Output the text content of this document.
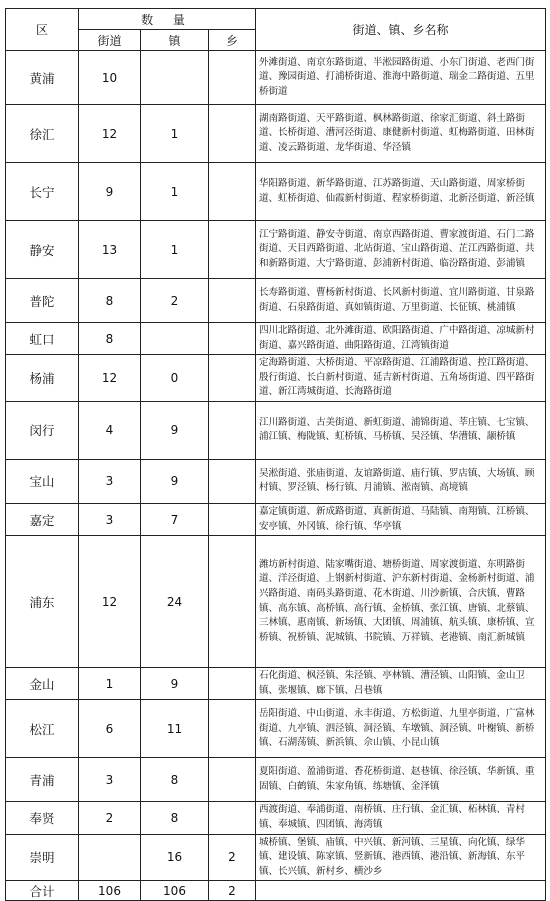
区	数 量			街道、镇、乡名称
	街道	镇	乡	
黄浦	10			外滩街道、南京东路街道、半淞园路街道、小东门街道、老西门街道、豫园街道、打浦桥街道、淮海中路街道、瑞金二路街道、五里桥街道
徐汇	12	1		湖南路街道、天平路街道、枫林路街道、徐家汇街道、斜土路街道、长桥街道、漕河泾街道、康健新村街道、虹梅路街道、田林街道、凌云路街道、龙华街道、华泾镇
长宁	9	1		华阳路街道、新华路街道、江苏路街道、天山路街道、周家桥街道、虹桥街道、仙霞新村街道、程家桥街道、北新泾街道、新泾镇
静安	13	1		江宁路街道、静安寺街道、南京西路街道、曹家渡街道、石门二路街道、天目西路街道、北站街道、宝山路街道、芷江西路街道、共和新路街道、大宁路街道、彭浦新村街道、临汾路街道、彭浦镇
普陀	8	2		长寿路街道、曹杨新村街道、长风新村街道、宜川路街道、甘泉路街道、石泉路街道、真如镇街道、万里街道、长征镇、桃浦镇
虹口	8			四川北路街道、北外滩街道、欧阳路街道、广中路街道、凉城新村街道、嘉兴路街道、曲阳路街道、江湾镇街道
杨浦	12	0		定海路街道、大桥街道、平凉路街道、江浦路街道、控江路街道、殷行街道、长白新村街道、延吉新村街道、五角场街道、四平路街道、新江湾城街道、长海路街道
闵行	4	9		江川路街道、古美街道、新虹街道、浦锦街道、莘庄镇、七宝镇、浦江镇、梅陇镇、虹桥镇、马桥镇、吴泾镇、华漕镇、颛桥镇
宝山	3	9		吴淞街道、张庙街道、友谊路街道、庙行镇、罗店镇、大场镇、顾村镇、罗泾镇、杨行镇、月浦镇、淞南镇、高境镇
嘉定	3	7		嘉定镇街道、新成路街道、真新街道、马陆镇、南翔镇、江桥镇、安亭镇、外冈镇、徐行镇、华亭镇
浦东	12	24		潍坊新村街道、陆家嘴街道、塘桥街道、周家渡街道、东明路街道、洋泾街道、上钢新村街道、沪东新村街道、金杨新村街道、浦兴路街道、南码头路街道、花木街道、川沙新镇、合庆镇、曹路镇、高东镇、高桥镇、高行镇、金桥镇、张江镇、唐镇、北蔡镇、三林镇、惠南镇、新场镇、大团镇、周浦镇、航头镇、康桥镇、宣桥镇、祝桥镇、泥城镇、书院镇、万祥镇、老港镇、南汇新城镇
金山	1	9		石化街道、枫泾镇、朱泾镇、亭林镇、漕泾镇、山阳镇、金山卫镇、张堰镇、廊下镇、吕巷镇
松江	6	11		岳阳街道、中山街道、永丰街道、方松街道、九里亭街道、广富林街道、九亭镇、泗泾镇、洞泾镇、车墩镇、洞泾镇、叶榭镇、新桥镇、石湖荡镇、新浜镇、佘山镇、小昆山镇
青浦	3	8		夏阳街道、盈浦街道、香花桥街道、赵巷镇、徐泾镇、华新镇、重固镇、白鹤镇、朱家角镇、练塘镇、金泽镇
奉贤	2	8		西渡街道、奉浦街道、南桥镇、庄行镇、金汇镇、柘林镇、青村镇、奉城镇、四团镇、海湾镇
崇明		16	2	城桥镇、堡镇、庙镇、中兴镇、新河镇、三星镇、向化镇、绿华镇、建设镇、陈家镇、竖新镇、港西镇、港沿镇、新海镇、东平镇、长兴镇、新村乡、横沙乡
合计	106	106	2	
